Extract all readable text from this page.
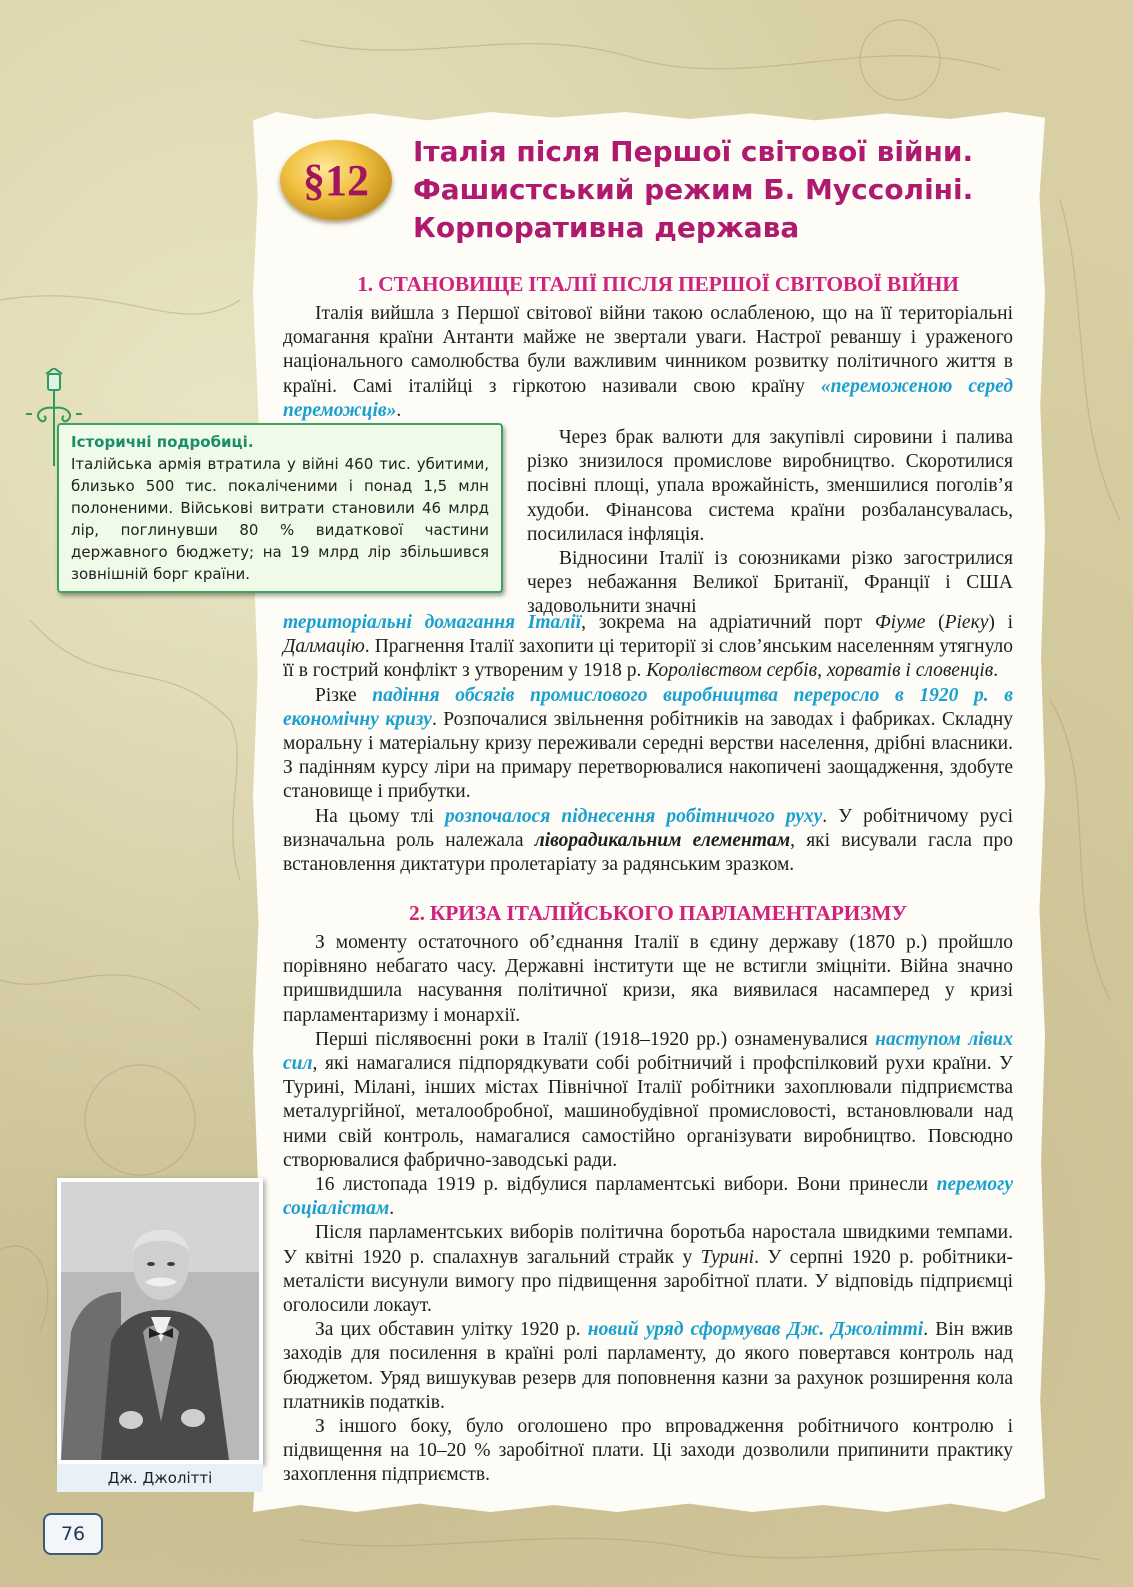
§12
Італія після Першої світової війни.
Фашистський режим Б. Муссоліні.
Корпоративна держава
1. СТАНОВИЩЕ ІТАЛІЇ ПІСЛЯ ПЕРШОЇ СВІТОВОЇ ВІЙНИ

Італія вийшла з Першої світової війни такою ослабленою, що на її територіальні домагання країни Антанти майже не звертали уваги. Настрої реваншу і ураженого національного самолюбства були важливим чинником розвитку політичного життя в країні. Самі італійці з гіркотою називали свою країну «переможеною серед переможців».

Через брак валюти для закупівлі сировини і палива різко знизилося промислове виробництво. Скоротилися посівні площі, упала врожайність, зменшилися поголів’я худоби. Фінансова система країни розбалансувалась, посилилася інфляція.

Відносини Італії із союзниками різко загострилися через небажання Великої Британії, Франції і США задовольнити значні

територіальні домагання Італії, зокрема на адріатичний порт Фіуме (Ріеку) і Далмацію. Прагнення Італії захопити ці території зі слов’янським населенням утягнуло її в гострий конфлікт з утвореним у 1918 р. Королівством сербів, хорватів і словенців.

Різке падіння обсягів промислового виробництва переросло в 1920 р. в економічну кризу. Розпочалися звільнення робітників на заводах і фабриках. Складну моральну і матеріальну кризу переживали середні верстви населення, дрібні власники. З падінням курсу ліри на примару перетворювалися накопичені заощадження, здобуте становище і прибутки.

На цьому тлі розпочалося піднесення робітничого руху. У робітничому русі визначальна роль належала ліворадикальним елементам, які висували гасла про встановлення диктатури пролетаріату за радянським зразком.

2. КРИЗА ІТАЛІЙСЬКОГО ПАРЛАМЕНТАРИЗМУ

З моменту остаточного об’єднання Італії в єдину державу (1870 р.) пройшло порівняно небагато часу. Державні інститути ще не встигли зміцніти. Війна значно пришвидшила насування політичної кризи, яка виявилася насамперед у кризі парламентаризму і монархії.

Перші післявоєнні роки в Італії (1918–1920 рр.) ознаменувалися наступом лівих сил, які намагалися підпорядкувати собі робітничий і профспілковий рухи країни. У Турині, Мілані, інших містах Північної Італії робітники захоплювали підприємства металургійної, металообробної, машинобудівної промисловості, встановлювали над ними свій контроль, намагалися самостійно організувати виробництво. Повсюдно створювалися фабрично-заводські ради.

16 листопада 1919 р. відбулися парламентські вибори. Вони принесли перемогу соціалістам.

Після парламентських виборів політична боротьба наростала швидкими темпами. У квітні 1920 р. спалахнув загальний страйк у Турині. У серпні 1920 р. робітники-металісти висунули вимогу про підвищення заробітної плати. У відповідь підприємці оголосили локаут.

За цих обставин улітку 1920 р. новий уряд сформував Дж. Джолітті. Він вжив заходів для посилення в країні ролі парламенту, до якого повертався контроль над бюджетом. Уряд вишукував резерв для поповнення казни за рахунок розширення кола платників податків.

З іншого боку, було оголошено про впровадження робітничого контролю і підвищення на 10–20 % заробітної плати. Ці заходи дозволили припинити практику захоплення підприємств.

Історичні подробиці.
Італійська армія втратила у війні 460 тис. убитими, близько 500 тис. покаліченими і понад 1,5 млн полоненими. Військові витрати становили 46 млрд лір, поглинувши 80 % видаткової частини державного бюджету; на 19 млрд лір збільшився зовнішній борг країни.
Дж. Джолітті
76
